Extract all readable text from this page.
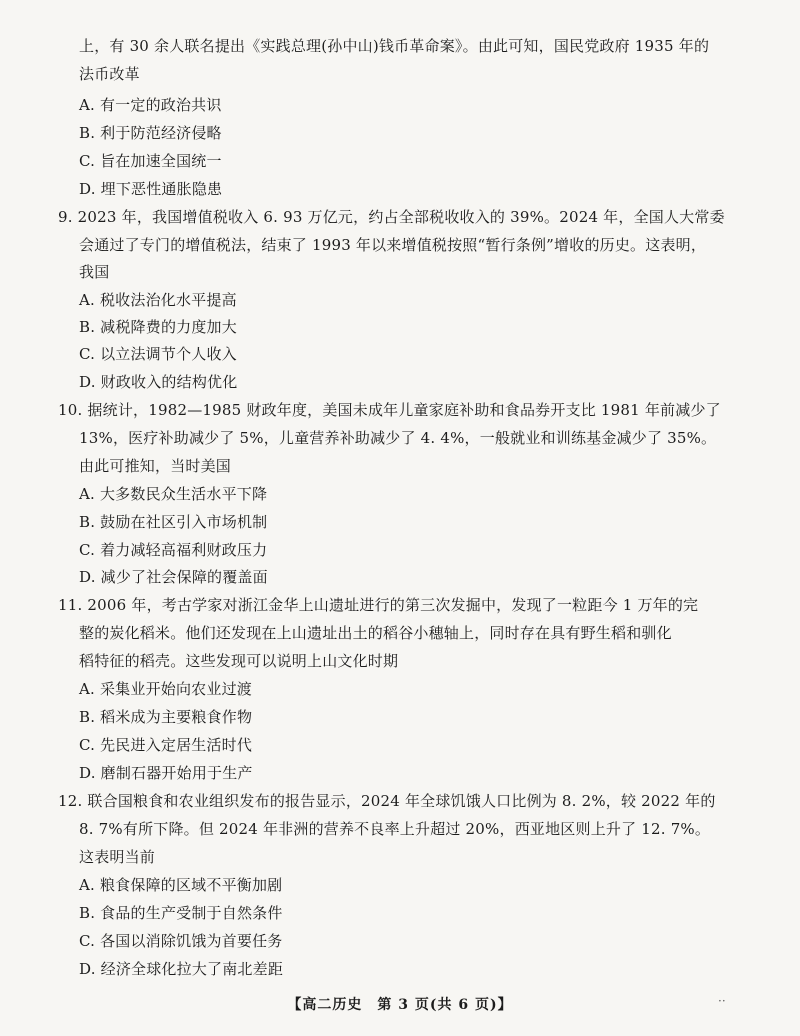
上，有 30 余人联名提出《实践总理(孙中山)钱币革命案》。由此可知，国民党政府 1935 年的
法币改革
A. 有一定的政治共识
B. 利于防范经济侵略
C. 旨在加速全国统一
D. 埋下恶性通胀隐患
9. 2023 年，我国增值税收入 6. 93 万亿元，约占全部税收收入的 39%。2024 年，全国人大常委
会通过了专门的增值税法，结束了 1993 年以来增值税按照“暂行条例”增收的历史。这表明，
我国
A. 税收法治化水平提高
B. 减税降费的力度加大
C. 以立法调节个人收入
D. 财政收入的结构优化
10. 据统计，1982—1985 财政年度，美国未成年儿童家庭补助和食品券开支比 1981 年前减少了
13%，医疗补助减少了 5%，儿童营养补助减少了 4. 4%，一般就业和训练基金减少了 35%。
由此可推知，当时美国
A. 大多数民众生活水平下降
B. 鼓励在社区引入市场机制
C. 着力减轻高福利财政压力
D. 减少了社会保障的覆盖面
11. 2006 年，考古学家对浙江金华上山遗址进行的第三次发掘中，发现了一粒距今 1 万年的完
整的炭化稻米。他们还发现在上山遗址出土的稻谷小穗轴上，同时存在具有野生稻和驯化
稻特征的稻壳。这些发现可以说明上山文化时期
A. 采集业开始向农业过渡
B. 稻米成为主要粮食作物
C. 先民进入定居生活时代
D. 磨制石器开始用于生产
12. 联合国粮食和农业组织发布的报告显示，2024 年全球饥饿人口比例为 8. 2%，较 2022 年的
8. 7%有所下降。但 2024 年非洲的营养不良率上升超过 20%，西亚地区则上升了 12. 7%。
这表明当前
A. 粮食保障的区域不平衡加剧
B. 食品的生产受制于自然条件
C. 各国以消除饥饿为首要任务
D. 经济全球化拉大了南北差距
【高二历史　第 3 页(共 6 页)】	··
